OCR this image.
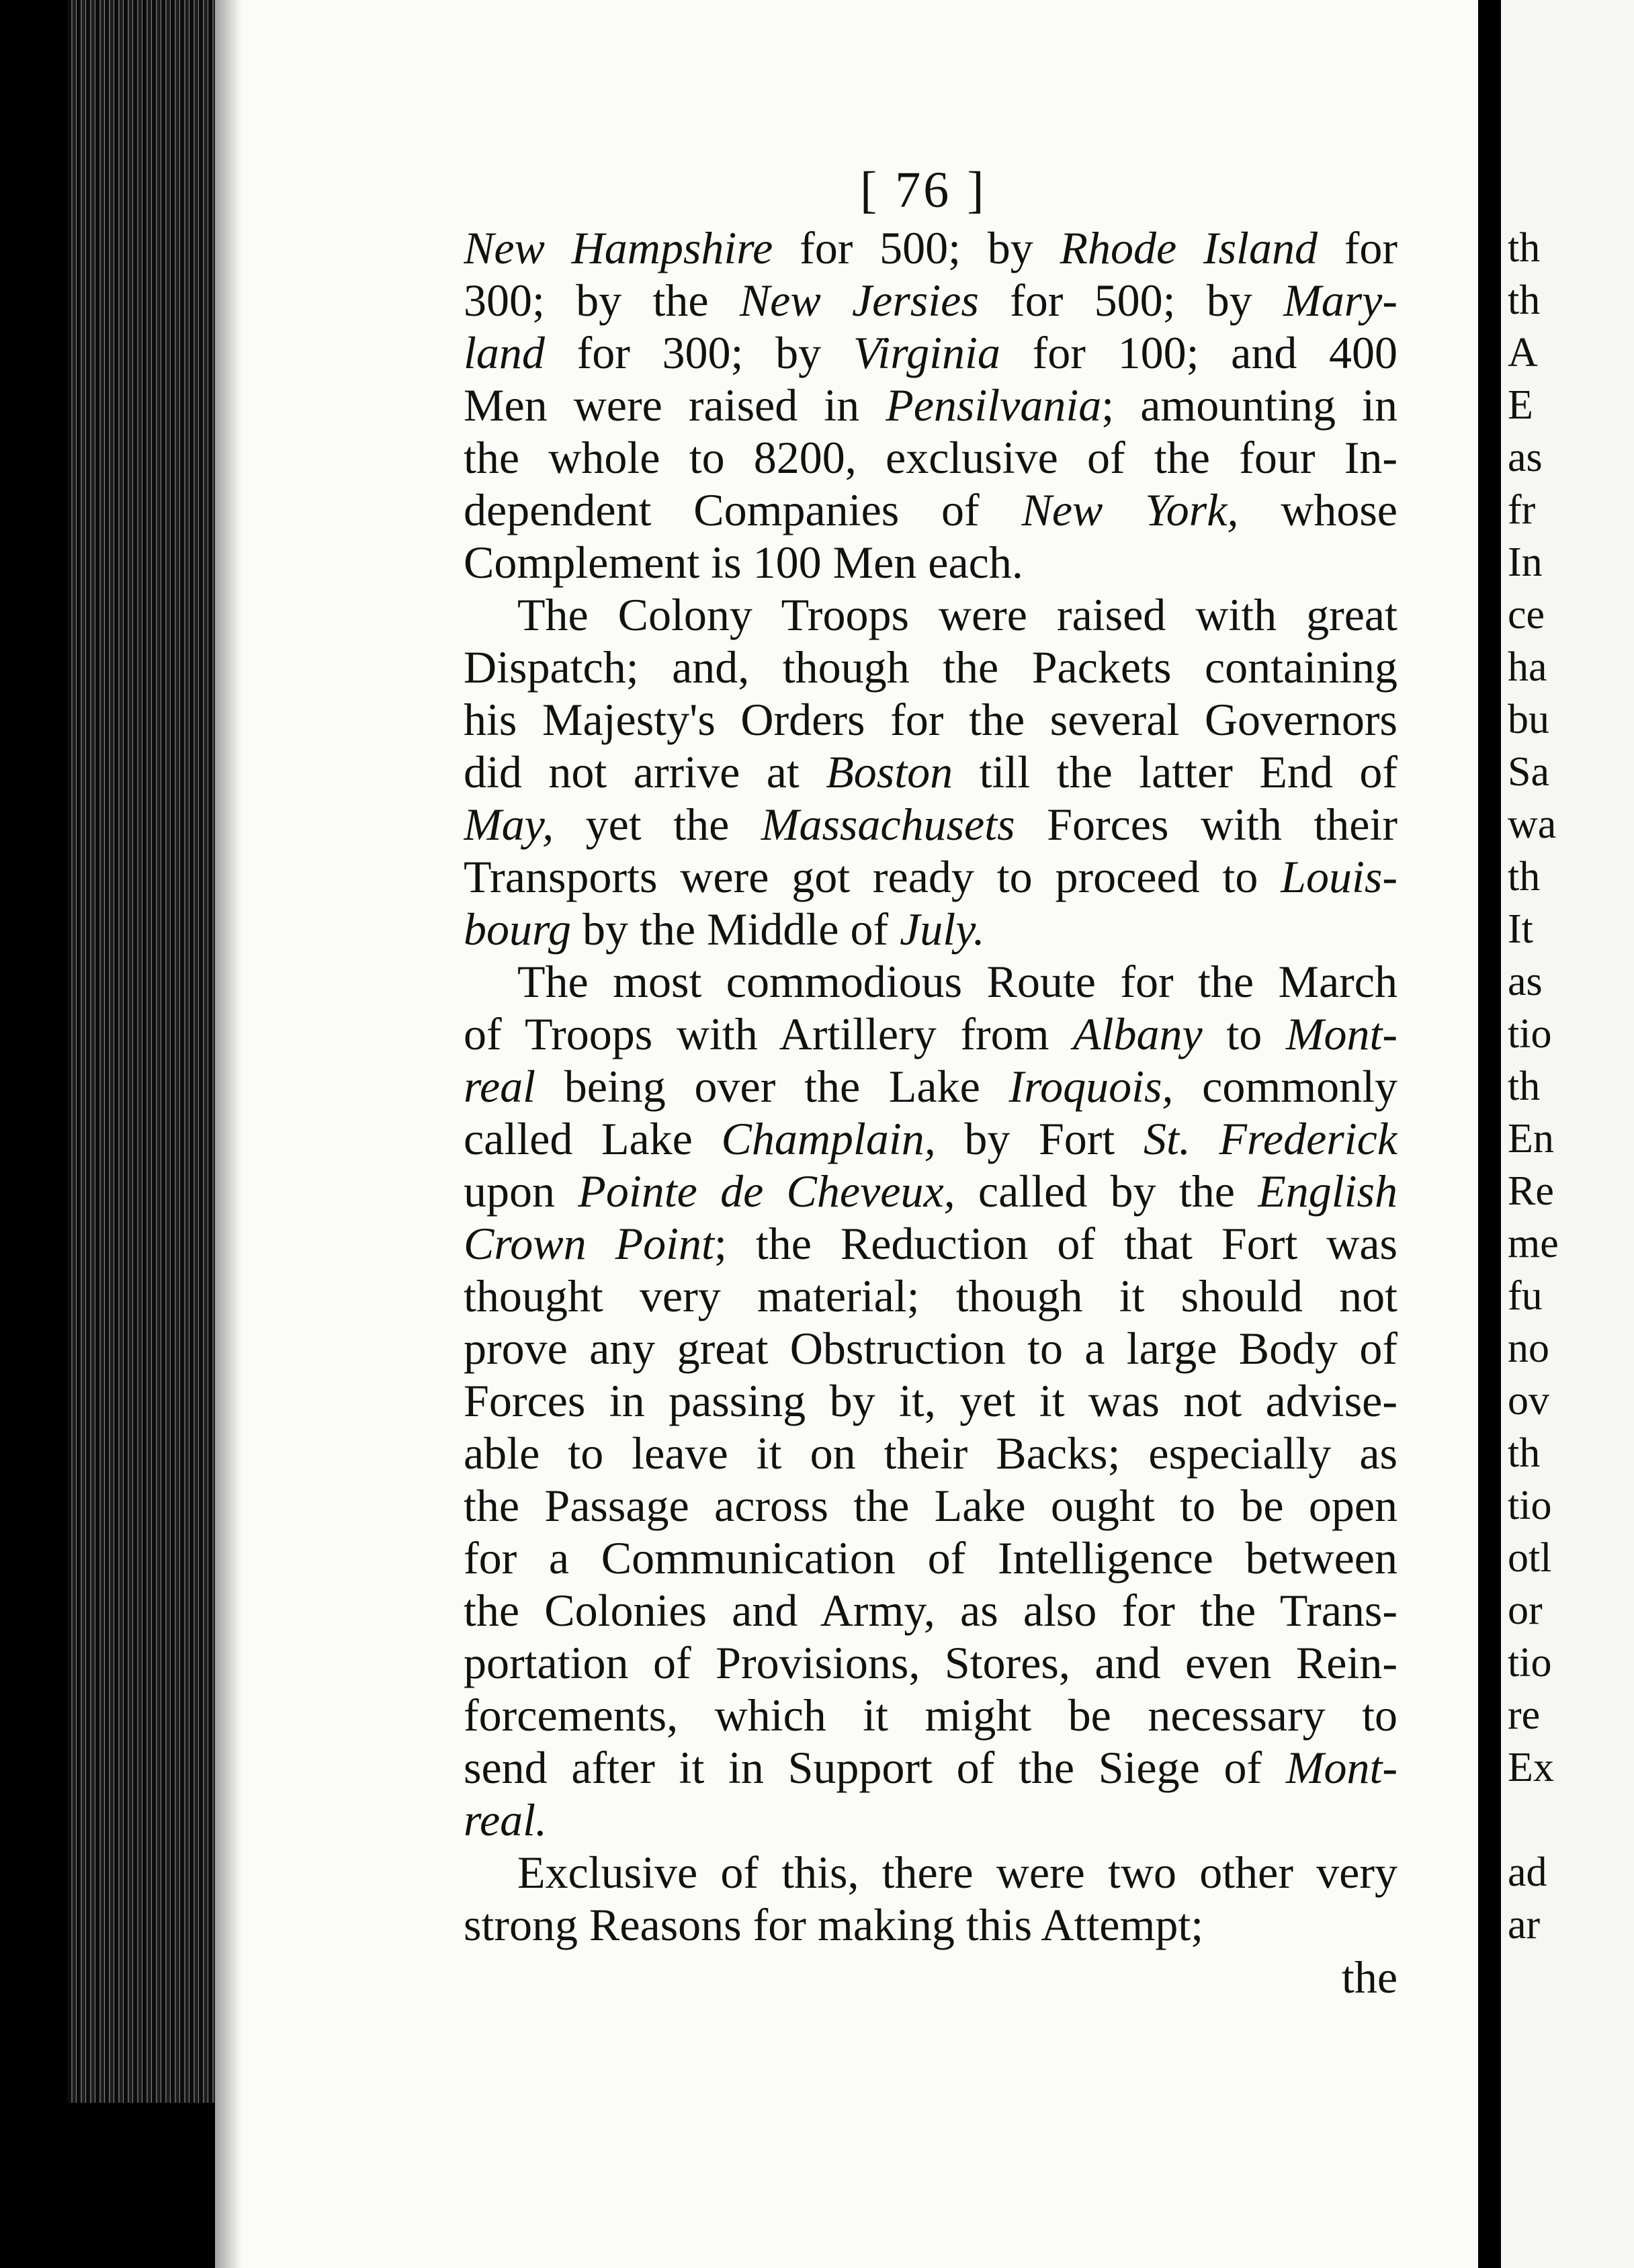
th
th
A
E
as
fr
In
ce
ha
bu
Sa
wa
th
It
as
tio
th
En
Re
me
fu
no
ov
th
tio
otl
or
tio
re
Ex
ad
ar
[ 76 ]
New Hampshire for 500; by Rhode Island for
300; by the New Jersies for 500; by Mary-
land for 300; by Virginia for 100; and 400
Men were raised in Pensilvania; amounting in
the whole to 8200, exclusive of the four In-
dependent Companies of New York, whose
Complement is 100 Men each.
The Colony Troops were raised with great
Dispatch; and, though the Packets containing
his Majesty's Orders for the several Governors
did not arrive at Boston till the latter End of
May, yet the Massachusets Forces with their
Transports were got ready to proceed to Louis-
bourg by the Middle of July.
The most commodious Route for the March
of Troops with Artillery from Albany to Mont-
real being over the Lake Iroquois, commonly
called Lake Champlain, by Fort St. Frederick
upon Pointe de Cheveux, called by the English
Crown Point; the Reduction of that Fort was
thought very material; though it should not
prove any great Obstruction to a large Body of
Forces in passing by it, yet it was not advise-
able to leave it on their Backs; especially as
the Passage across the Lake ought to be open
for a Communication of Intelligence between
the Colonies and Army, as also for the Trans-
portation of Provisions, Stores, and even Rein-
forcements, which it might be necessary to
send after it in Support of the Siege of Mont-
real.
Exclusive of this, there were two other very
strong Reasons for making this Attempt;
the
